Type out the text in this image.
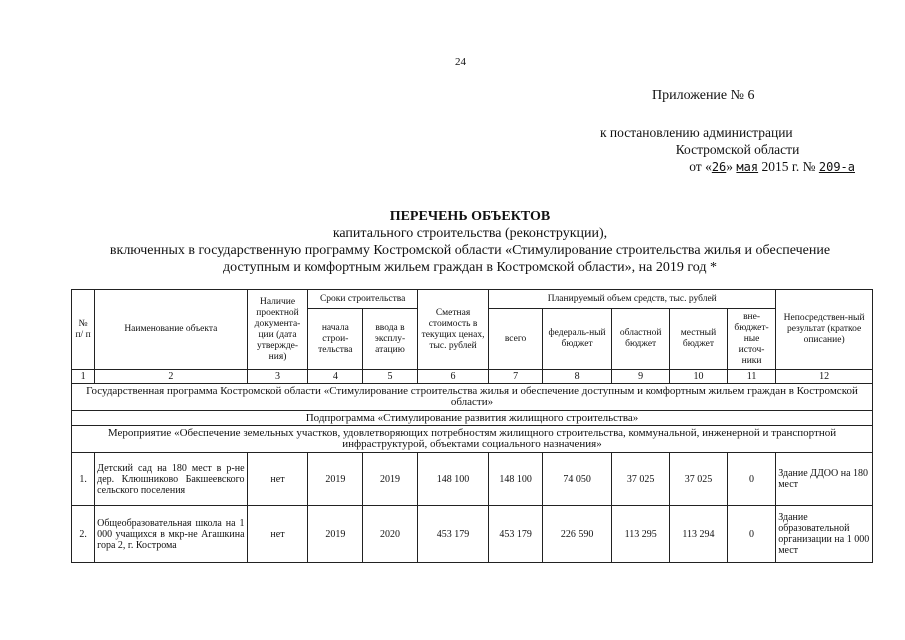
24
Приложение № 6
к постановлению администрации
Костромской области
от «26» мая 2015 г. № 209-а
ПЕРЕЧЕНЬ ОБЪЕКТОВ
капитального строительства (реконструкции),
включенных в государственную программу Костромской области «Стимулирование строительства жилья и обеспечение
доступным и комфортным жильем граждан в Костромской области», на 2019 год *
№ п/ п	Наименование объекта	Наличие проектной документа-ции (дата утвержде-ния)	Сроки строительства		Сметная стоимость в текущих ценах, тыс. рублей	Планируемый объем средств, тыс. рублей					Непосредствен-ный результат (краткое описание)
			начала строи-тельства	ввода в эксплу-атацию		всего	федераль-ный бюджет	областной бюджет	местный бюджет	вне-бюджет-ные источ-ники	
1	2	3	4	5	6	7	8	9	10	11	12
Государственная программа Костромской области «Стимулирование строительства жилья и обеспечение доступным и комфортным жильем граждан в Костромской области»											
Подпрограмма «Стимулирование развития жилищного строительства»											
Мероприятие «Обеспечение земельных участков, удовлетворяющих потребностям жилищного строительства, коммунальной, инженерной и транспортной инфраструктурой, объектами социального назначения»											
1.	Детский сад на 180 мест в р-не дер. Клюшниково Бакшеевского сельского поселения	нет	2019	2019	148 100	148 100	74 050	37 025	37 025	0	Здание ДДОО на 180 мест
2.	Общеобразовательная школа на 1 000 учащихся в мкр-не Агашкина гора 2, г. Кострома	нет	2019	2020	453 179	453 179	226 590	113 295	113 294	0	Здание образовательной организации на 1 000 мест
